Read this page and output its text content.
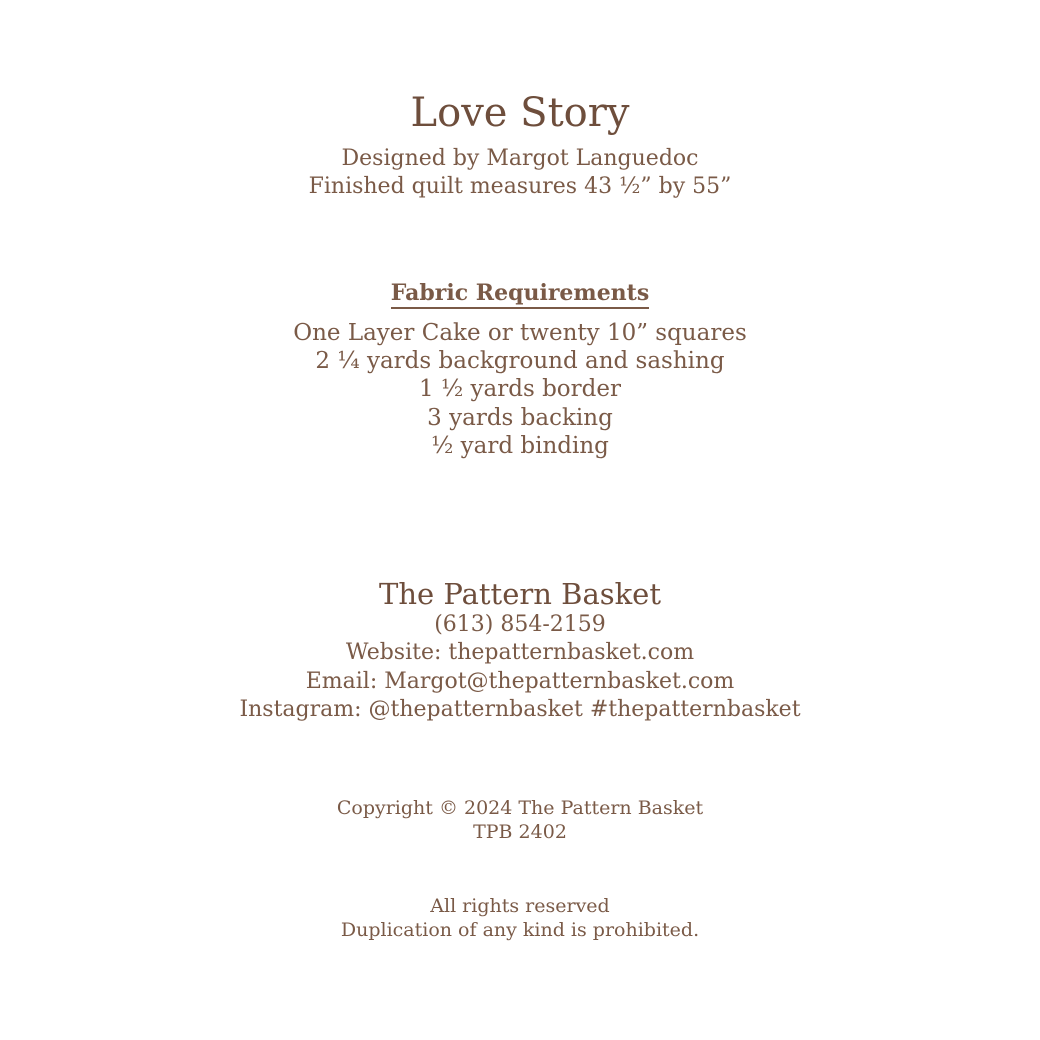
Love Story
Designed by Margot Languedoc
Finished quilt measures 43 ½” by 55”
Fabric Requirements
One Layer Cake or twenty 10” squares
2 ¼ yards background and sashing
1 ½ yards border
3 yards backing
½ yard binding
The Pattern Basket
(613) 854-2159
Website: thepatternbasket.com
Email: Margot@thepatternbasket.com
Instagram: @thepatternbasket #thepatternbasket
Copyright © 2024 The Pattern Basket
TPB 2402
All rights reserved
Duplication of any kind is prohibited.
